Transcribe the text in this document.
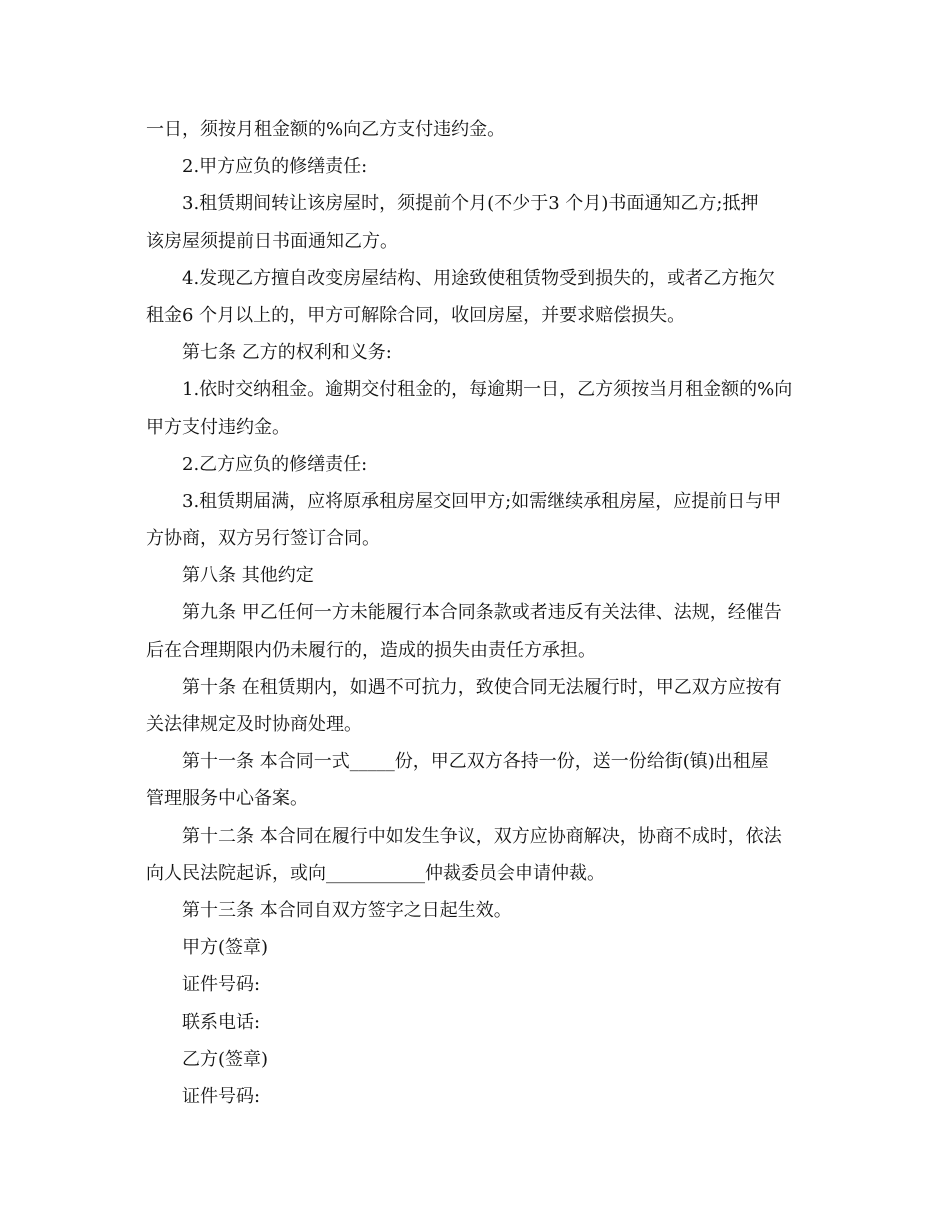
一日，须按月租金额的%向乙方支付违约金。
2.甲方应负的修缮责任:
3.租赁期间转让该房屋时，须提前个月(不少于3 个月)书面通知乙方;抵押
该房屋须提前日书面通知乙方。
4.发现乙方擅自改变房屋结构、用途致使租赁物受到损失的，或者乙方拖欠
租金6 个月以上的，甲方可解除合同，收回房屋，并要求赔偿损失。
第七条 乙方的权利和义务:
1.依时交纳租金。逾期交付租金的，每逾期一日，乙方须按当月租金额的%向
甲方支付违约金。
2.乙方应负的修缮责任:
3.租赁期届满，应将原承租房屋交回甲方;如需继续承租房屋，应提前日与甲
方协商，双方另行签订合同。
第八条 其他约定
第九条 甲乙任何一方未能履行本合同条款或者违反有关法律、法规，经催告
后在合理期限内仍未履行的，造成的损失由责任方承担。
第十条 在租赁期内，如遇不可抗力，致使合同无法履行时，甲乙双方应按有
关法律规定及时协商处理。
第十一条 本合同一式_____份，甲乙双方各持一份，送一份给街(镇)出租屋
管理服务中心备案。
第十二条 本合同在履行中如发生争议，双方应协商解决，协商不成时，依法
向人民法院起诉，或向___________仲裁委员会申请仲裁。
第十三条 本合同自双方签字之日起生效。
甲方(签章)
证件号码:
联系电话:
乙方(签章)
证件号码:
